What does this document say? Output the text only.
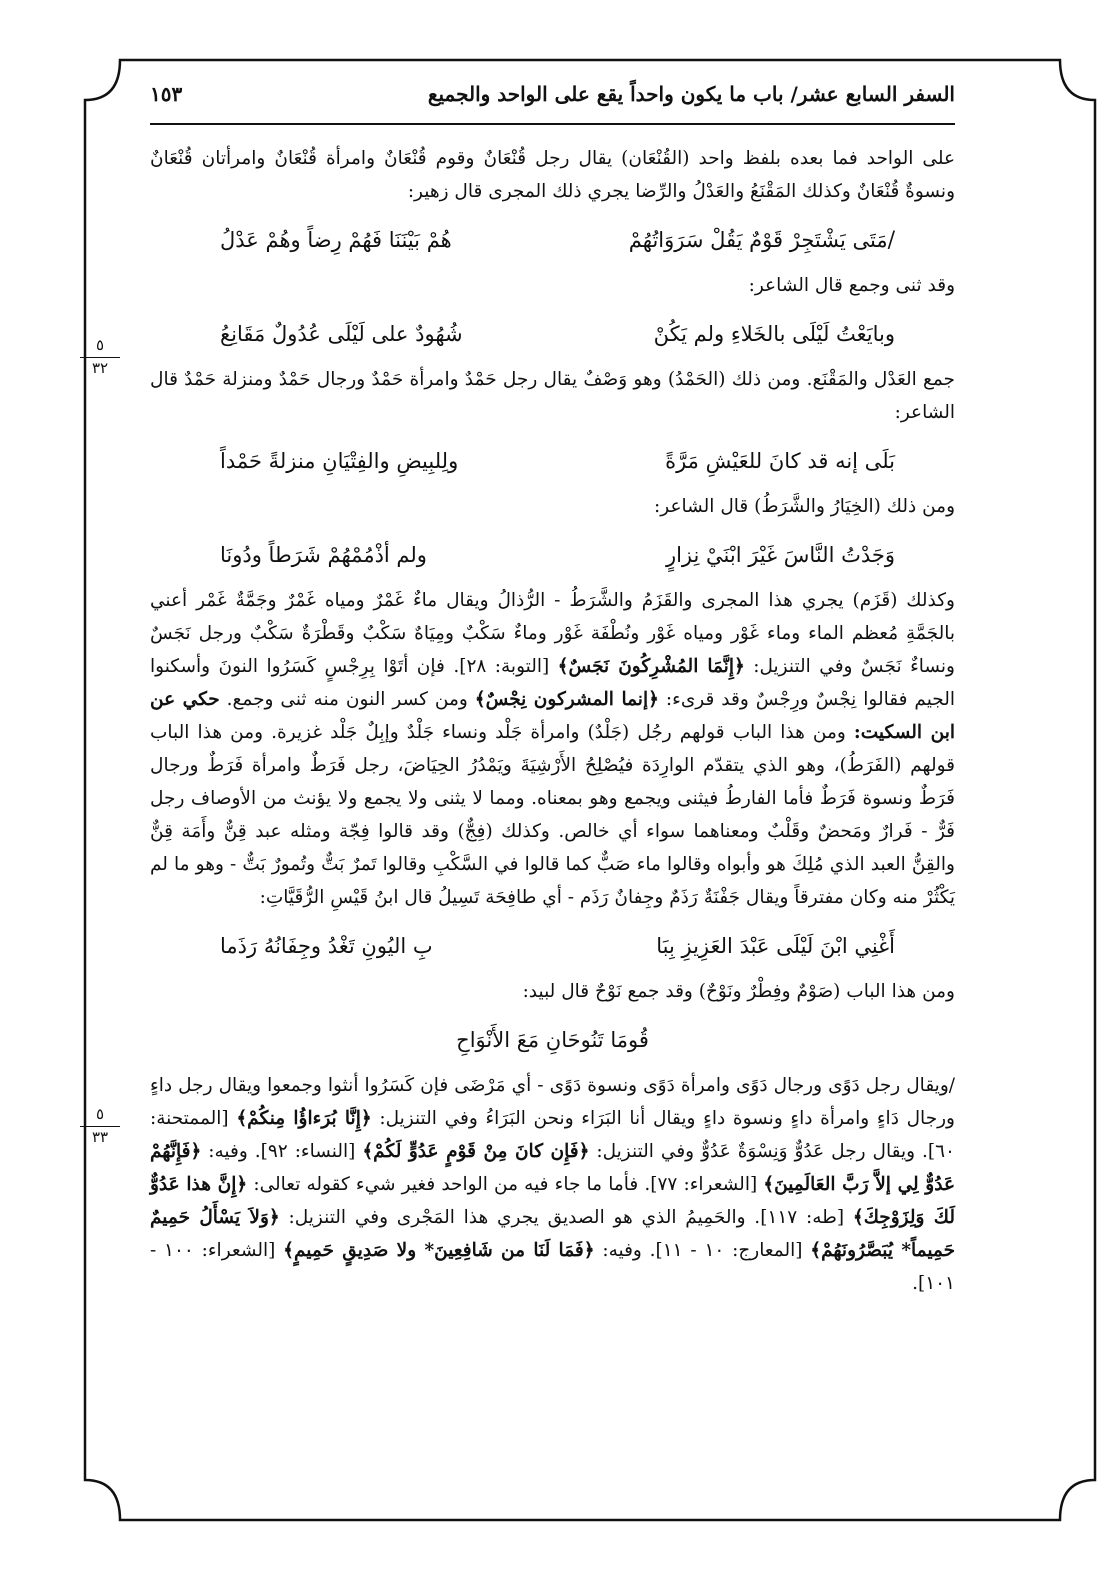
السفر السابع عشر/ باب ما يكون واحداً يقع على الواحد والجميع
١٥٣
٥
٣٢
٥
٣٣

على الواحد فما بعده بلفظ واحد (القُنْعَان) يقال رجل قُنْعَانٌ وقوم قُنْعَانٌ وامرأة قُنْعَانٌ وامرأتان قُنْعَانٌ ونسوةٌ قُنْعَانٌ وكذلك المَقْنَعُ والعَدْلُ والرِّضا يجري ذلك المجرى قال زهير:

/مَتَى يَشْتَجِرْ قَوْمٌ يَقُلْ سَرَوَاتُهُمْ
هُمْ بَيْنَنَا فَهُمْ رِضاً وهُمْ عَدْلُ

وقد ثنى وجمع قال الشاعر:

وبايَعْتُ لَيْلَى بالخَلاءِ ولم يَكُنْ
شُهُودٌ على لَيْلَى عُدُولٌ مَقَانِعُ

جمع العَدْل والمَقْنَع. ومن ذلك (الحَمْدُ) وهو وَصْفٌ يقال رجل حَمْدٌ وامرأة حَمْدٌ ورجال حَمْدٌ ومنزلة حَمْدٌ قال الشاعر:

بَلَى إنه قد كانَ للعَيْشِ مَرَّةً
ولِلبِيضِ والفِتْيَانِ منزلةً حَمْداً

ومن ذلك (الخِيَارُ والشَّرَطُ) قال الشاعر:

وَجَدْتُ النَّاسَ غَيْرَ ابْنَيْ نِزارٍ
ولم أذْمُمْهُمْ شَرَطاً ودُونَا

وكذلك (قَزَم) يجري هذا المجرى والقَزَمُ والشَّرَطُ - الرُّذالُ ويقال ماءٌ غَمْرٌ ومياه غَمْرٌ وجَمَّةٌ غَمْر أعني بالجَمَّةِ مُعظم الماء وماء غَوْر ومياه غَوْر ونُطْفَة غَوْر وماءٌ سَكْبٌ ومِيَاهٌ سَكْبٌ وقَطْرَةٌ سَكْبٌ ورجل نَجَسٌ ونساءٌ نَجَسٌ وفي التنزيل: ﴿إِنَّمَا المُشْرِكُونَ نَجَسٌ﴾ [التوبة: ٢٨]. فإن أتَوْا بِرِجْسٍ كَسَرُوا النونَ وأسكنوا الجيم فقالوا نِجْسٌ ورِجْسٌ وقد قرىء: ﴿إنما المشركون نِجْسٌ﴾ ومن كسر النون منه ثنى وجمع. حكي عن ابن السكيت: ومن هذا الباب قولهم رجُل (جَلْدٌ) وامرأة جَلْد ونساء جَلْدٌ وإبِلٌ جَلْد غزيرة. ومن هذا الباب قولهم (الفَرَطُ)، وهو الذي يتقدّم الوارِدَة فيُصْلِحُ الأَرْشِيَةَ ويَمْدُرُ الحِيَاضَ، رجل فَرَطٌ وامرأة فَرَطٌ ورجال فَرَطٌ ونسوة فَرَطٌ فأما الفارطُ فيثنى ويجمع وهو بمعناه. ومما لا يثنى ولا يجمع ولا يؤنث من الأوصاف رجل فَرٌّ - فَرارٌ ومَحضٌ وقَلْبٌ ومعناهما سواء أي خالص. وكذلك (فِجٌّ) وقد قالوا فِجّة ومثله عبد قِنٌّ وأَمَة قِنٌّ والقِنُّ العبد الذي مُلِكَ هو وأبواه وقالوا ماء صَبٌّ كما قالوا في السَّكْبِ وقالوا تَمرٌ بَتٌّ وتُمورٌ بَتٌّ - وهو ما لم يَكْثُرْ منه وكان مفترقاً ويقال جَفْنَةٌ رَذَمٌ وجِفانٌ رَذَم - أي طافِحَة تَسِيلُ قال ابنُ قَيْسِ الرُّقَيَّاتِ:

أَغْنِي ابْنَ لَيْلَى عَبْدَ العَزِيزِ بِبَا
بِ اليُونِ تَغْدُ وجِفَانُهُ رَذَما

ومن هذا الباب (صَوْمٌ وفِطْرٌ ونَوْحٌ) وقد جمع نَوْحٌ قال لبيد:

قُومَا تَنُوحَانِ مَعَ الأَنْوَاحِ

/ويقال رجل دَوًى ورجال دَوًى وامرأة دَوًى ونسوة دَوًى - أي مَرْضَى فإن كَسَرُوا أنثوا وجمعوا ويقال رجل داءٍ ورجال دَاءٍ وامرأة داءٍ ونسوة داءٍ ويقال أنا البَرَاء ونحن البَرَاءُ وفي التنزيل: ﴿إِنَّا بُرَءاؤُا مِنكُمْ﴾ [الممتحنة: ٦٠]. ويقال رجل عَدُوٌّ وَنِسْوَةٌ عَدُوٌّ وفي التنزيل: ﴿فَإِن كانَ مِنْ قَوْمٍ عَدُوٍّ لَكُمْ﴾ [النساء: ٩٢]. وفيه: ﴿فَإِنَّهُمْ عَدُوٌّ لِي إلاَّ رَبَّ العَالَمِينَ﴾ [الشعراء: ٧٧]. فأما ما جاء فيه من الواحد فغير شيء كقوله تعالى: ﴿إِنَّ هذا عَدُوٌّ لَكَ وَلِزَوْجِكَ﴾ [طه: ١١٧]. والحَمِيمُ الذي هو الصديق يجري هذا المَجْرى وفي التنزيل: ﴿وَلاَ يَسْأَلُ حَمِيمٌ حَمِيماً* يُبَصَّرُونَهُمْ﴾ [المعارج: ١٠ - ١١]. وفيه: ﴿فَمَا لَنَا من شَافِعِينَ* ولا صَدِيقٍ حَمِيمٍ﴾ [الشعراء: ١٠٠ - ١٠١].
